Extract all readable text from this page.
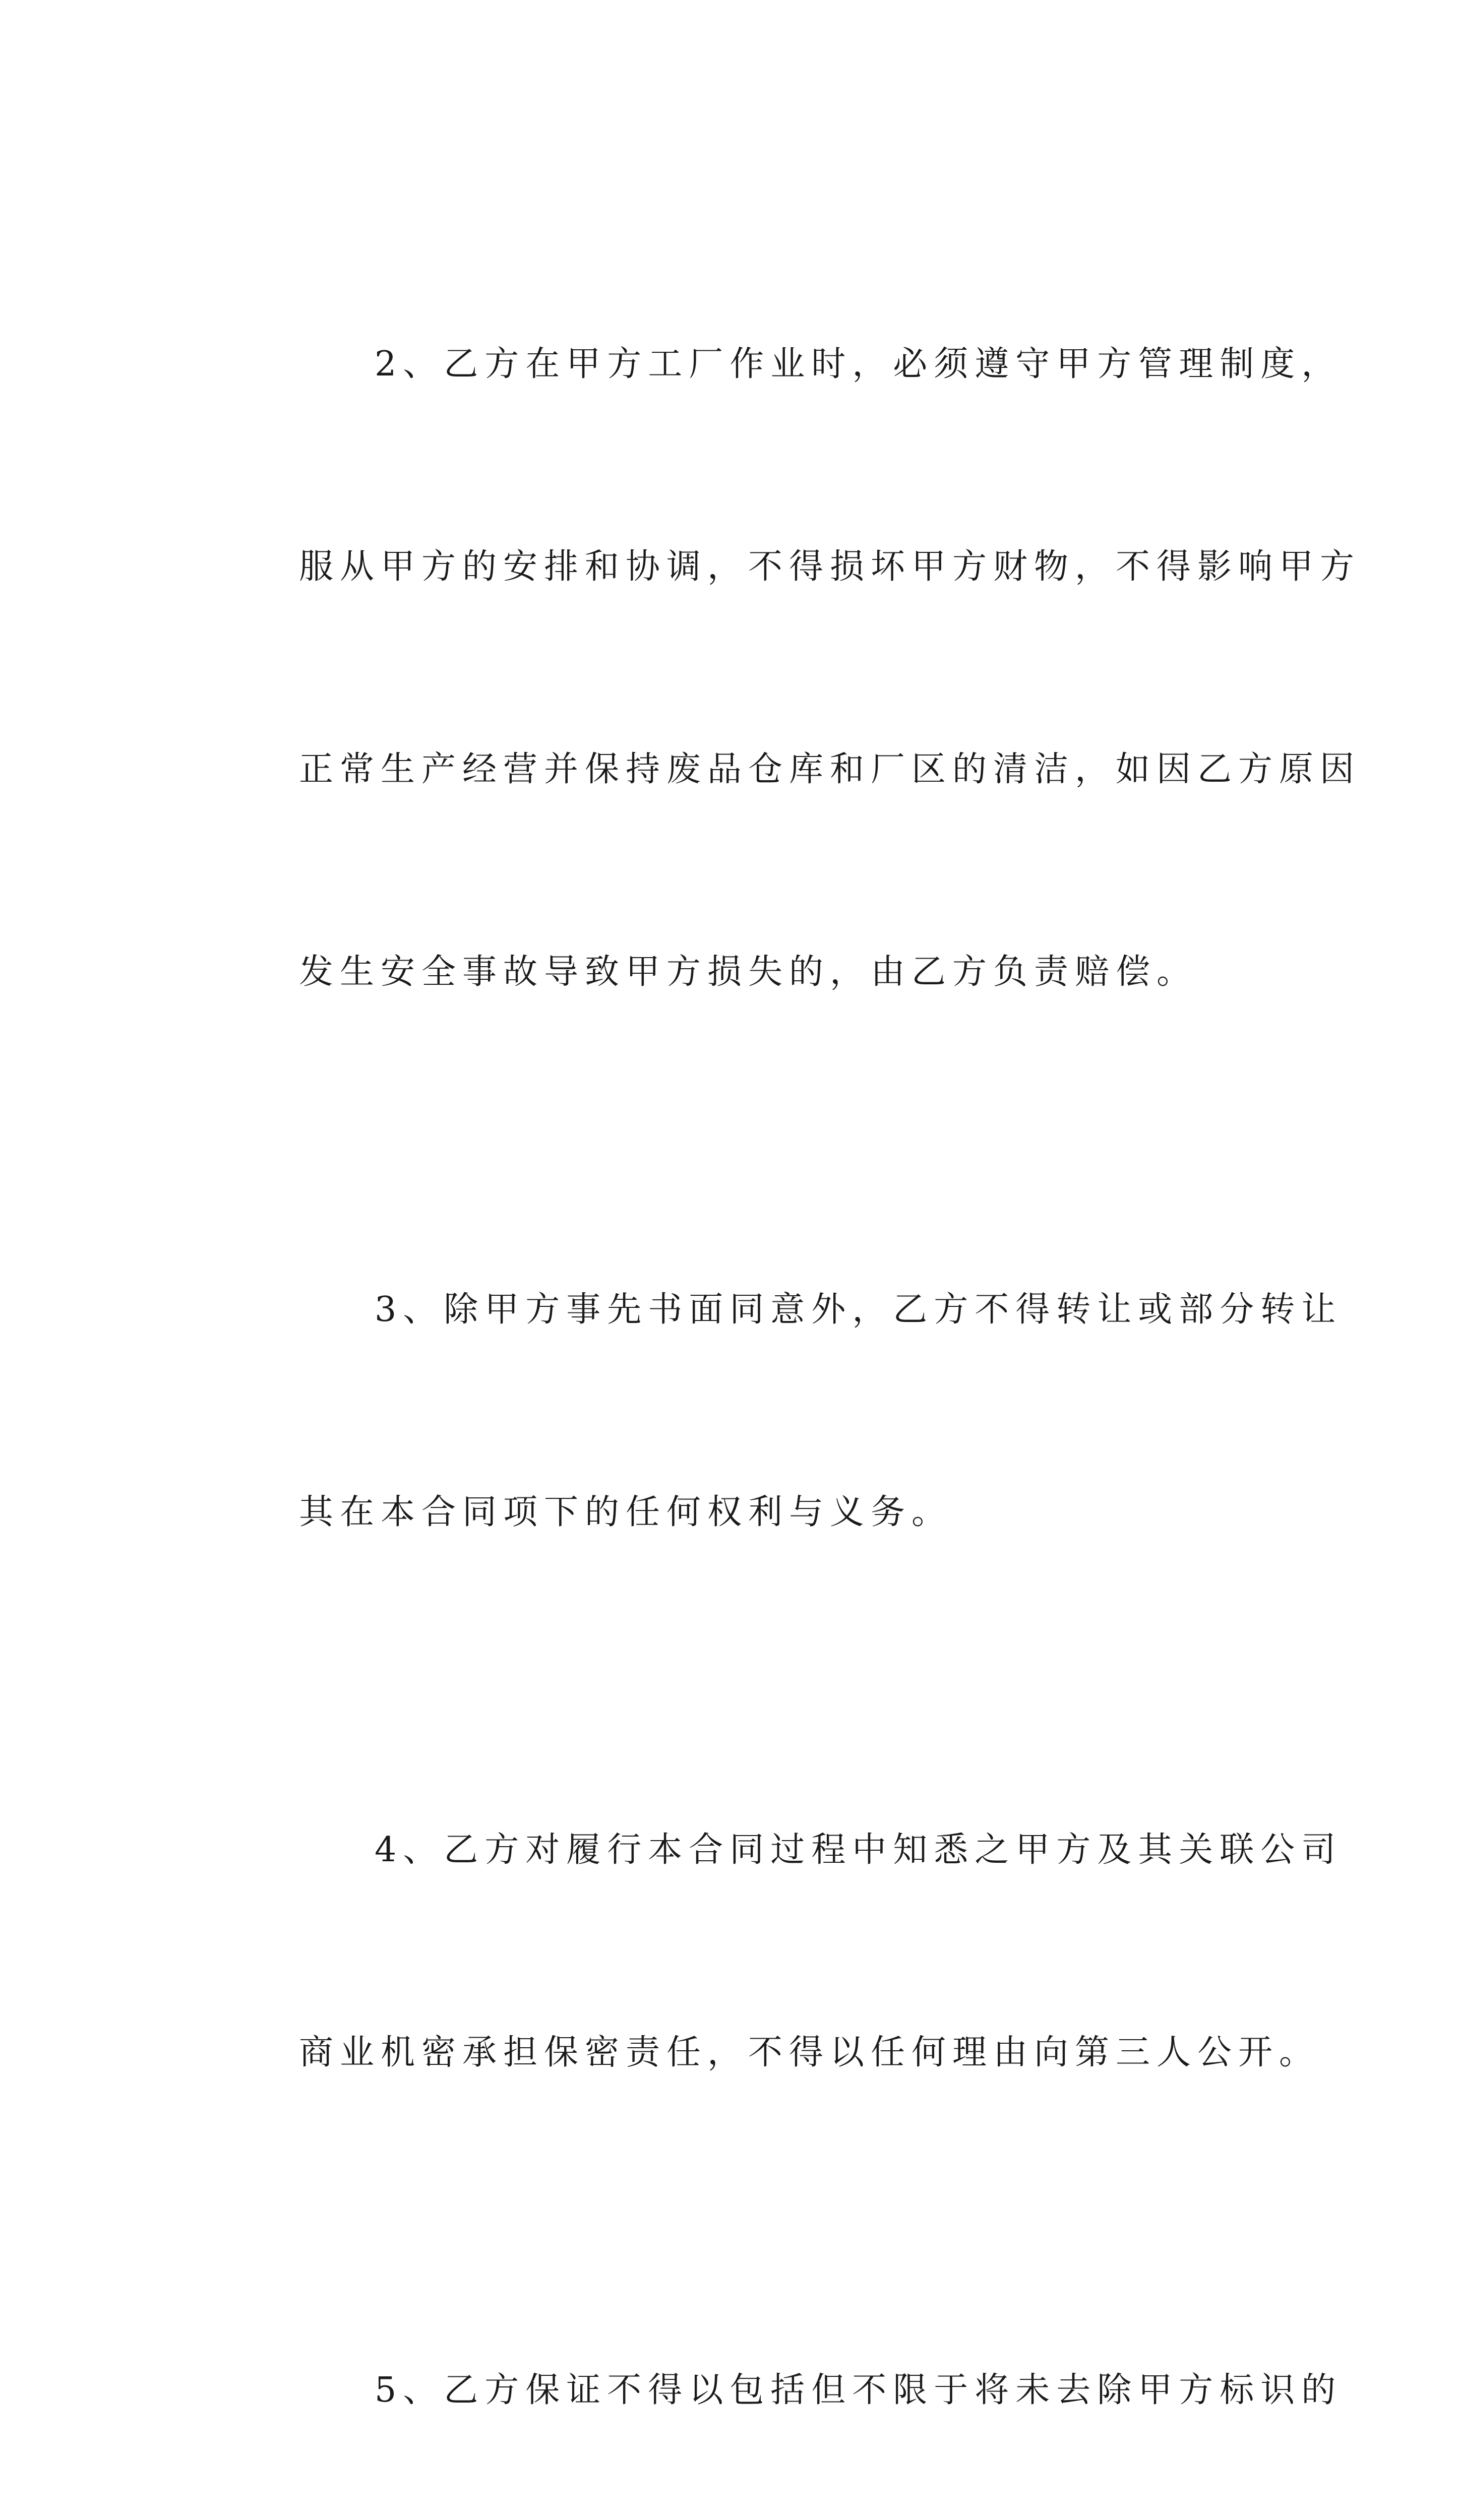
2、乙方在甲方工厂作业时，必须遵守甲方管理制度，

服从甲方的安排和协调，不得损坏甲方财物，不得影响甲方

正常生产经营并保持废品仓库和厂区的清洁，如因乙方原因

发生安全事故导致甲方损失的，由乙方负责赔偿。

3、除甲方事先书面同意外，乙方不得转让或部分转让

其在本合同项下的任何权利与义务。

4、乙方对履行本合同过程中知悉之甲方及其关联公司

商业机密承担保密责任，不得以任何理由向第三人公开。

5、乙方保证不得以包括但不限于将未去除甲方标识的
